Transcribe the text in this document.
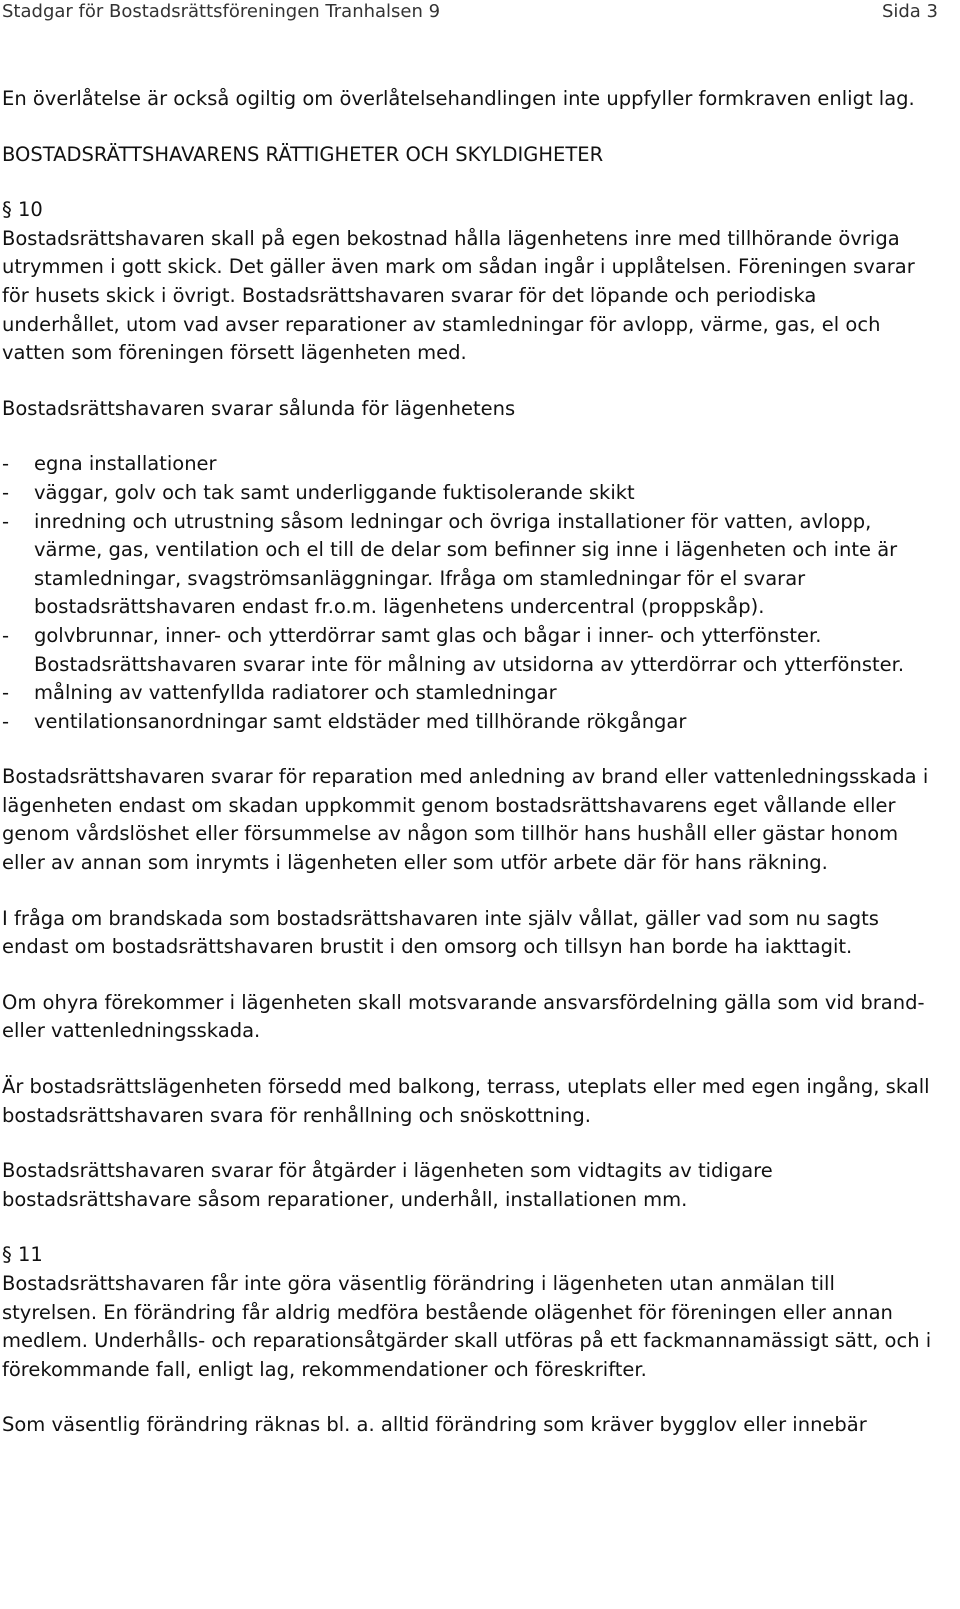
Stadgar för Bostadsrättsföreningen Tranhalsen 9	Sida 3

En överlåtelse är också ogiltig om överlåtelsehandlingen inte uppfyller formkraven enligt lag.

BOSTADSRÄTTSHAVARENS RÄTTIGHETER OCH SKYLDIGHETER

§ 10

Bostadsrättshavaren skall på egen bekostnad hålla lägenhetens inre med tillhörande övriga utrymmen i gott skick. Det gäller även mark om sådan ingår i upplåtelsen. Föreningen svarar för husets skick i övrigt. Bostadsrättshavaren svarar för det löpande och periodiska underhållet, utom vad avser reparationer av stamledningar för avlopp, värme, gas, el och vatten som föreningen försett lägenheten med.

Bostadsrättshavaren svarar sålunda för lägenhetens

- egna installationer
- väggar, golv och tak samt underliggande fuktisolerande skikt
- inredning och utrustning såsom ledningar och övriga installationer för vatten, avlopp, värme, gas, ventilation och el till de delar som befinner sig inne i lägenheten och inte är stamledningar, svagströmsanläggningar. Ifråga om stamledningar för el svarar bostadsrättshavaren endast fr.o.m. lägenhetens undercentral (proppskåp).
- golvbrunnar, inner- och ytterdörrar samt glas och bågar i inner- och ytterfönster. Bostadsrättshavaren svarar inte för målning av utsidorna av ytterdörrar och ytterfönster.
- målning av vattenfyllda radiatorer och stamledningar
- ventilationsanordningar samt eldstäder med tillhörande rökgångar

Bostadsrättshavaren svarar för reparation med anledning av brand eller vattenledningsskada i lägenheten endast om skadan uppkommit genom bostadsrättshavarens eget vållande eller genom vårdslöshet eller försummelse av någon som tillhör hans hushåll eller gästar honom eller av annan som inrymts i lägenheten eller som utför arbete där för hans räkning.

I fråga om brandskada som bostadsrättshavaren inte själv vållat, gäller vad som nu sagts endast om bostadsrättshavaren brustit i den omsorg och tillsyn han borde ha iakttagit.

Om ohyra förekommer i lägenheten skall motsvarande ansvarsfördelning gälla som vid brand- eller vattenledningsskada.

Är bostadsrättslägenheten försedd med balkong, terrass, uteplats eller med egen ingång, skall bostadsrättshavaren svara för renhållning och snöskottning.

Bostadsrättshavaren svarar för åtgärder i lägenheten som vidtagits av tidigare bostadsrättshavare såsom reparationer, underhåll, installationen mm.

§ 11

Bostadsrättshavaren får inte göra väsentlig förändring i lägenheten utan anmälan till styrelsen. En förändring får aldrig medföra bestående olägenhet för föreningen eller annan medlem. Underhålls- och reparationsåtgärder skall utföras på ett fackmannamässigt sätt, och i förekommande fall, enligt lag, rekommendationer och föreskrifter.

Som väsentlig förändring räknas bl. a. alltid förändring som kräver bygglov eller innebär
